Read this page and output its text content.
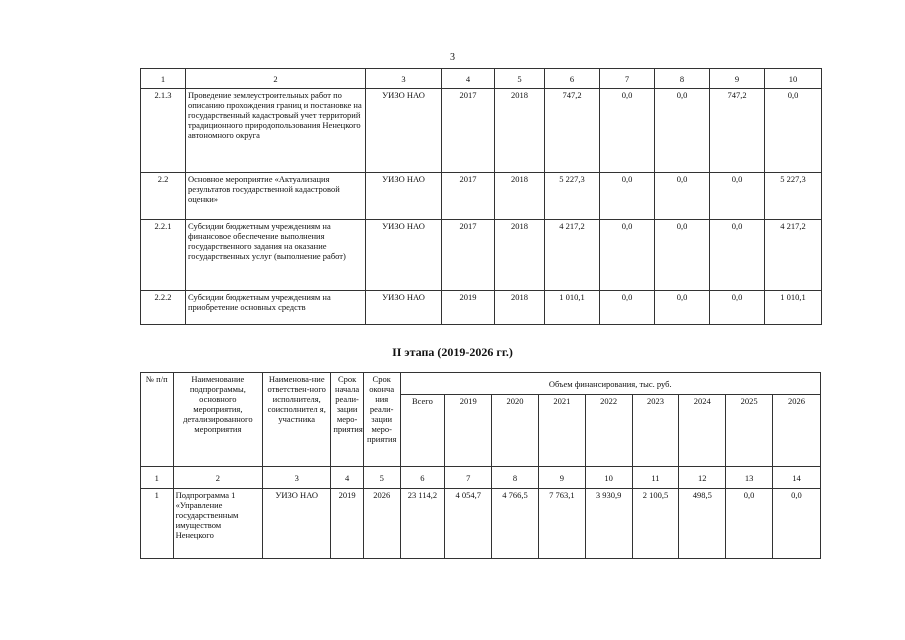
3
1	2	3	4	5	6	7	8	9	10
2.1.3	Проведение землеустроительных работ по описанию прохождения границ и постановке на государственный кадастровый учет территорий традиционного природопользования Ненецкого автономного округа	УИЗО НАО	2017	2018	747,2	0,0	0,0	747,2	0,0
2.2	Основное мероприятие «Актуализация результатов государственной кадастровой оценки»	УИЗО НАО	2017	2018	5 227,3	0,0	0,0	0,0	5 227,3
2.2.1	Субсидии бюджетным учреждениям на финансовое обеспечение выполнения государственного задания на оказание государственных услуг (выполнение работ)	УИЗО НАО	2017	2018	4 217,2	0,0	0,0	0,0	4 217,2
2.2.2	Субсидии бюджетным учреждениям на приобретение основных средств	УИЗО НАО	2019	2018	1 010,1	0,0	0,0	0,0	1 010,1
II этапа (2019-2026 гг.)
№ п/п	Наименование подпрограммы, основного мероприятия, детализированного мероприятия	Наименова-ние ответствен-ного исполнителя, соисполнител я, участника	Срок начала реали-зации меро-приятия	Срок оконча ния реали-зации меро-приятия	Объем финансирования, тыс. руб.								
					Всего	2019	2020	2021	2022	2023	2024	2025	2026
1	2	3	4	5	6	7	8	9	10	11	12	13	14
1	Подпрограмма 1 «Управление государственным имуществом Ненецкого	УИЗО НАО	2019	2026	23 114,2	4 054,7	4 766,5	7 763,1	3 930,9	2 100,5	498,5	0,0	0,0
